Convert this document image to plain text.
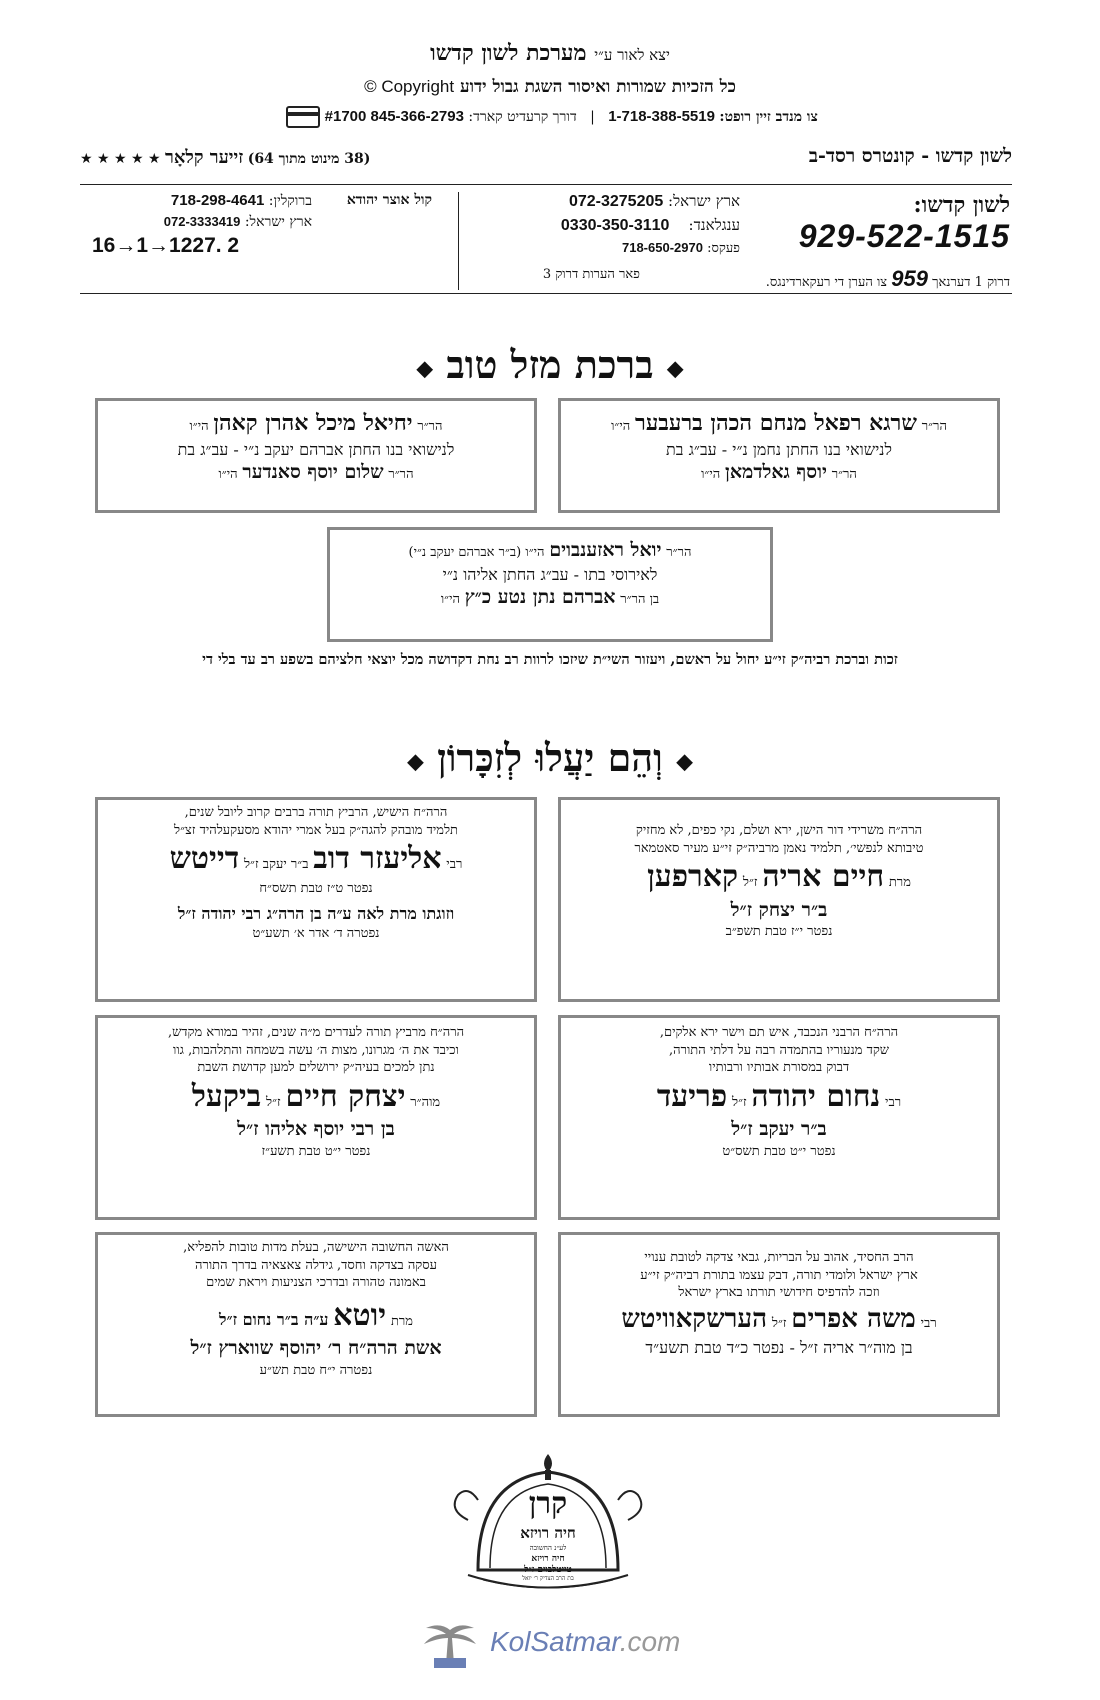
יצא לאור ע״י מערכת לשון קדשו
כל הזכיות שמורות ואיסור השגת גבול ידוע Copyright ©
צו מנדב זיין רופט: 1-718-388-5519   |   דורך קרעדיט קארד: 845-366-2793 #1700
לשון קדשו - קונטרס רסד-ב
(38 מינוט מתוך 64) זייער קלאָר ★ ★ ★ ★ ★
לשון קדשו:
929-522-1515
ארץ ישראל: 072-3275205
ענגלאנד:    0330-350-3110
פעקס: 718-650-2970
קול אוצר יהודא
ברוקלין: 718-298-4641
ארץ ישראל: 072-3333419
16→1→1227. 2
דרוק 1 דערנאך 959 צו הערן די רעקארדינגס.
פאר הערות דרוק 3
◆ ברכת מזל טוב ◆
הר״ר שרגא רפאל מנחם הכהן ברעבער הי״ו
לנישואי בנו החתן נחמן נ״י - עב״ג בת
הר״ר יוסף גאלדמאן הי״ו
הר״ר יחיאל מיכל אהרן קאהן הי״ו
לנישואי בנו החתן אברהם יעקב נ״י - עב״ג בת
הר״ר שלום יוסף סאנדער הי״ו
הר״ר יואל ראזענבוים הי״ו (ב״ר אברהם יעקב נ״י)
לאירוסי בתו - עב״ג החתן אליהו נ״י
בן הר״ר אברהם נתן נטע כ״ץ הי״ו
זכות וברכת רביה״ק זי״ע יחול על ראשם, ויעזור השי״ת שיזכו לרוות רב נחת דקדושה מכל יוצאי חלציהם בשפע רב עד בלי די
◆ וְהֵם יַעֲלוּ לְזִכָּרוֹן ◆
הרה״ח משרידי דור הישן, ירא ושלם, נקי כפים, לא מחזיק
טיבותא לנפשי׳, תלמיד נאמן מרביה״ק זי״ע מעיר סאטמאר
מרת חיים אריה ז״ל קארפען
ב״ר יצחק ז״ל
נפטר י״ז טבת תשפ״ב
הרה״ח הישיש, הרביץ תורה ברבים קרוב ליובל שנים,
תלמיד מובהק להגה״ק בעל אמרי יהודא מסעקעלהיד זצ״ל
רבי אליעזר דוב ב״ר יעקב ז״ל דייטש
נפטר ט״ז טבת תשס״ח
וזוגתו מרת לאה ע״ה בן הרה״ג רבי יהודה ז״ל
נפטרה ד׳ אדר א׳ תשע״ט
הרה״ח הרבני הנכבד, איש תם וישר ירא אלקים,
שקד מנעוריו בהתמדה רבה על דלתי התורה,
דבוק במסורת אבותיו ורבותיו
רבי נחום יהודה ז״ל פריעד
ב״ר יעקב ז״ל
נפטר י״ט טבת תשס״ט
הרה״ח מרביץ תורה לעדרים מ״ה שנים, זהיר במורא מקדש,
וכיבד את ה׳ מגרונו, מצות ה׳ עשה בשמחה והתלהבות, גוו
נתן למכים בעיה״ק ירושלים למען קדושת השבת
מוה״ר יצחק חיים ז״ל ביקעל
בן רבי יוסף אליהו ז״ל
נפטר י״ט טבת תשע״ז
הרב החסיד, אהוב על הבריות, גבאי צדקה לטובת ענויי
ארץ ישראל ולומדי תורה, דבק עצמו בתורת רביה״ק זי״ע
וזכה להדפיס חידושי תורתו בארץ ישראל
רבי משה אפרים ז״ל הערשקאוויטש
בן מוה״ר אריה ז״ל - נפטר כ״ד טבת תשע״ד
האשה החשובה הישישה, בעלת מדות טובות להפליא,
עסקה בצדקה וחסד, גידלה צאצאיה בדרך התורה
באמונה טהורה ובדרכי הצניעות ויראת שמים
מרת יוטא ע״ה ב״ר נחום ז״ל
אשת הרה״ח ר׳ יהוסף שווארץ ז״ל
נפטרה י״ח טבת תש״ע
קרן
חיה רויזא
לע״נ החשובה
חיה רויזא
טייטלבוים ז״ל
בת הרב הצדיק ר׳ יואל
KolSatmar.com
